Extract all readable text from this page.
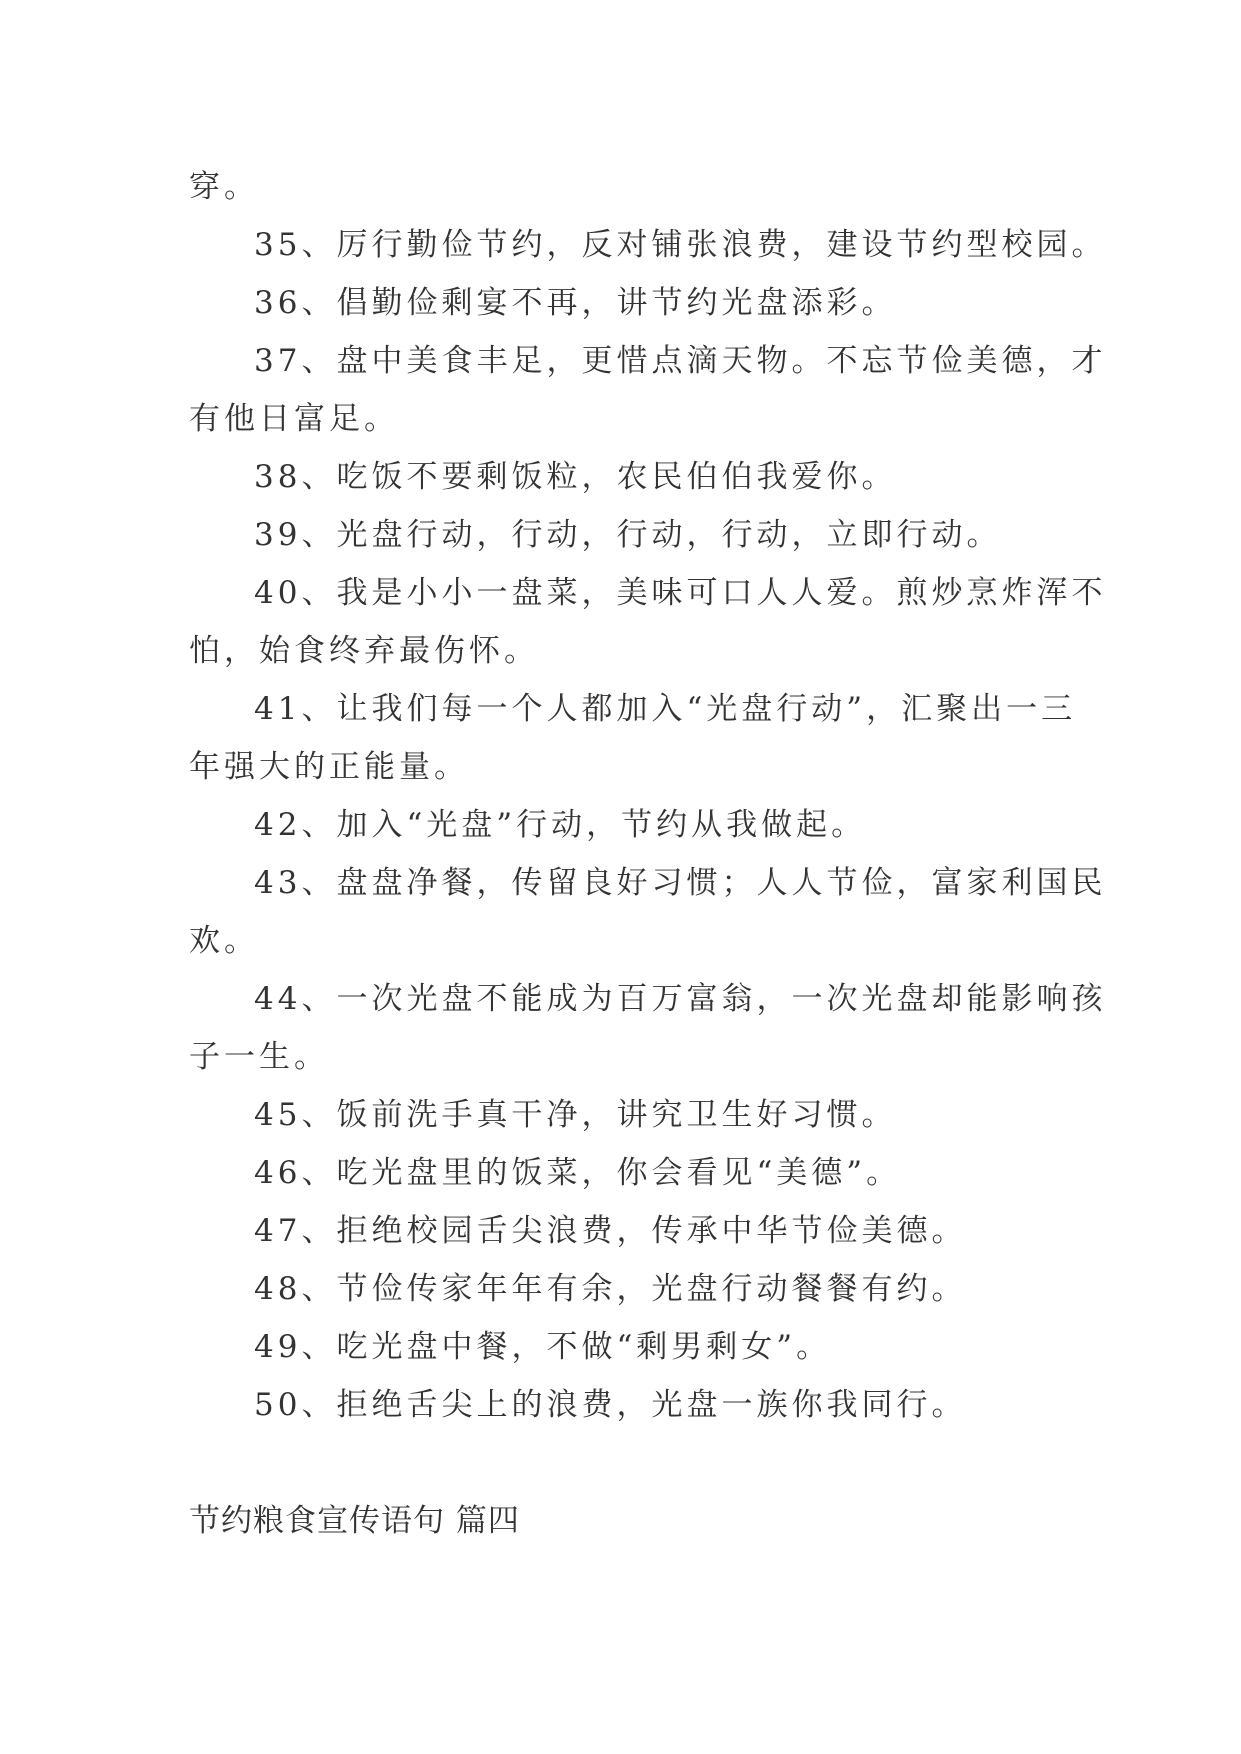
穿。
35、厉行勤俭节约，反对铺张浪费，建设节约型校园。
36、倡勤俭剩宴不再，讲节约光盘添彩。
37、盘中美食丰足，更惜点滴天物。不忘节俭美德，才
有他日富足。
38、吃饭不要剩饭粒，农民伯伯我爱你。
39、光盘行动，行动，行动，行动，立即行动。
40、我是小小一盘菜，美味可口人人爱。煎炒烹炸浑不
怕，始食终弃最伤怀。
41、让我们每一个人都加入“光盘行动”，汇聚出一三
年强大的正能量。
42、加入“光盘”行动，节约从我做起。
43、盘盘净餐，传留良好习惯；人人节俭，富家利国民
欢。
44、一次光盘不能成为百万富翁，一次光盘却能影响孩
子一生。
45、饭前洗手真干净，讲究卫生好习惯。
46、吃光盘里的饭菜，你会看见“美德”。
47、拒绝校园舌尖浪费，传承中华节俭美德。
48、节俭传家年年有余，光盘行动餐餐有约。
49、吃光盘中餐，不做“剩男剩女”。
50、拒绝舌尖上的浪费，光盘一族你我同行。
节约粮食宣传语句 篇四
